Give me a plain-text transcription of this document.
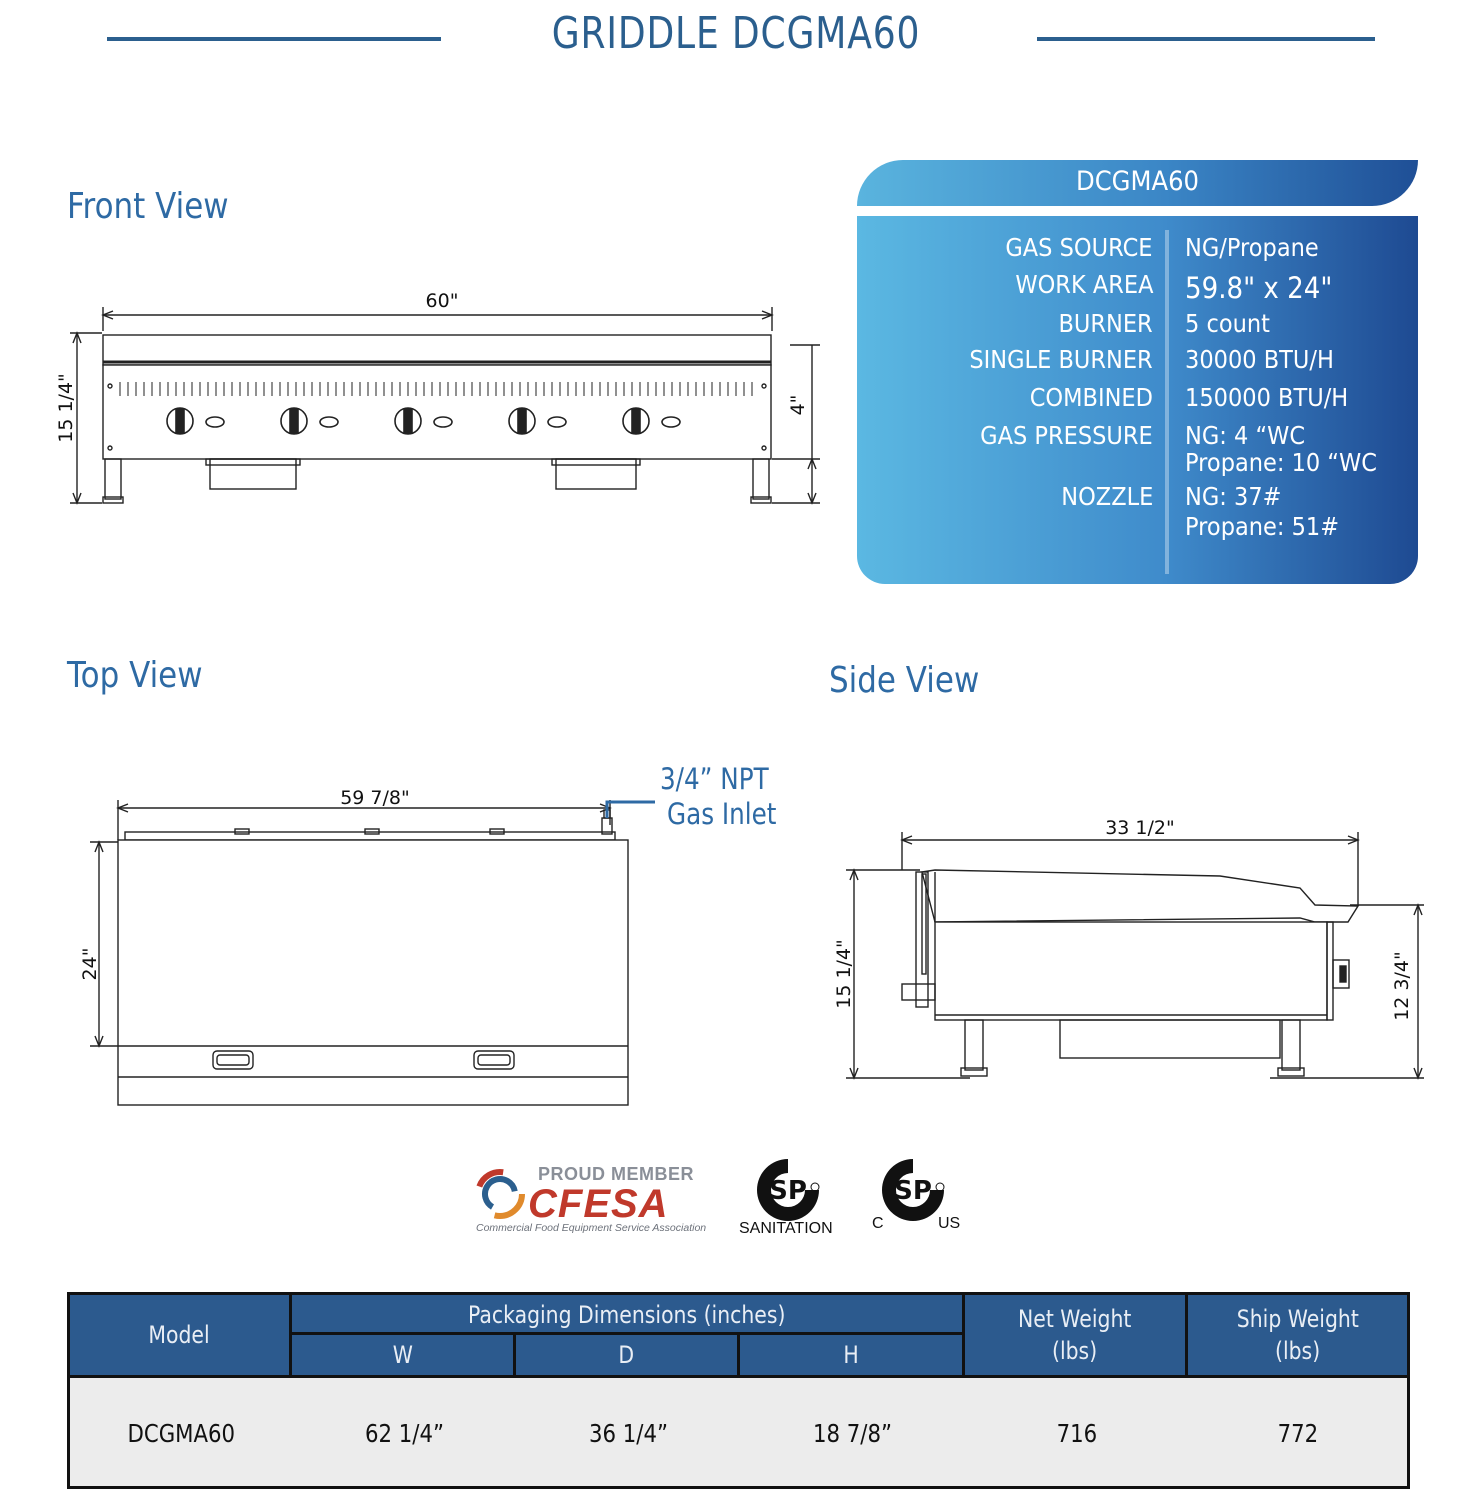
GRIDDLE DCGMA60
Front View
60"
15 1/4"	4"
DCGMA60
GAS SOURCE NG/Propane
WORK AREA 59.8" x 24"
BURNER 5 count
SINGLE BURNER 30000 BTU/H
COMBINED 150000 BTU/H
GAS PRESSURE NG: 4 “WC
Propane: 10 “WC
NOZZLE NG: 37#
Propane: 51#
Top View
59 7/8"
24"
3/4” NPT
Gas Inlet
Side View
33 1/2"
15 1/4"	12 3/4"
PROUD MEMBER
CFESA
Commercial Food Equipment Service Association
SP
SANITATION
SP
C	US
Model
Packaging Dimensions (inches)
W	D	H
Net Weight
(lbs)
Ship Weight
(lbs)
DCGMA60	62 1/4”	36 1/4”	18 7/8”	716	772
